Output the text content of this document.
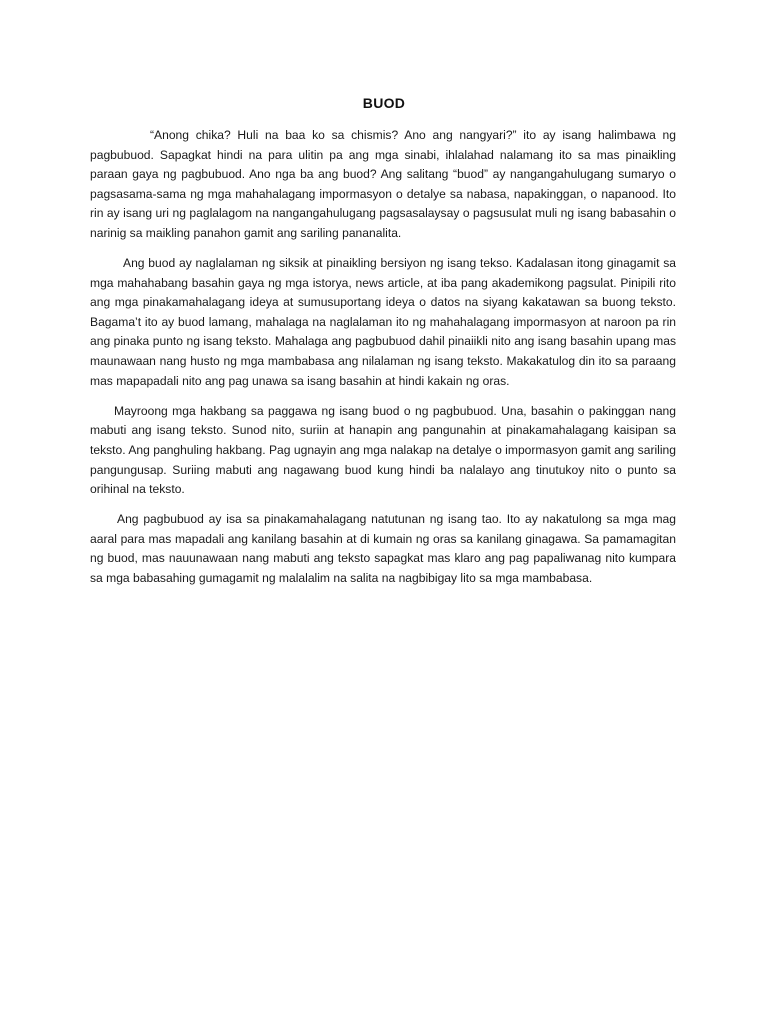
BUOD

“Anong chika? Huli na baa ko sa chismis? Ano ang nangyari?” ito ay isang halimbawa ng pagbubuod. Sapagkat hindi na para ulitin pa ang mga sinabi, ihlalahad nalamang ito sa mas pinaikling paraan gaya ng pagbubuod. Ano nga ba ang buod? Ang salitang “buod” ay nangangahulugang sumaryo o pagsasama-sama ng mga mahahalagang impormasyon o detalye sa nabasa, napakinggan, o napanood. Ito rin ay isang uri ng paglalagom na nangangahulugang pagsasalaysay o pagsusulat muli ng isang babasahin o narinig sa maikling panahon gamit ang sariling pananalita.

Ang buod ay naglalaman ng siksik at pinaikling bersiyon ng isang tekso. Kadalasan itong ginagamit sa mga mahahabang basahin gaya ng mga istorya, news article, at iba pang akademikong pagsulat. Pinipili rito ang mga pinakamahalagang ideya at sumusuportang ideya o datos na siyang kakatawan sa buong teksto. Bagama’t ito ay buod lamang, mahalaga na naglalaman ito ng mahahalagang impormasyon at naroon pa rin ang pinaka punto ng isang teksto. Mahalaga ang pagbubuod dahil pinaiikli nito ang isang basahin upang mas maunawaan nang husto ng mga mambabasa ang nilalaman ng isang teksto. Makakatulog din ito sa paraang mas mapapadali nito ang pag unawa sa isang basahin at hindi kakain ng oras.

Mayroong mga hakbang sa paggawa ng isang buod o ng pagbubuod. Una, basahin o pakinggan nang mabuti ang isang teksto. Sunod nito, suriin at hanapin ang pangunahin at pinakamahalagang kaisipan sa teksto. Ang panghuling hakbang. Pag ugnayin ang mga nalakap na detalye o impormasyon gamit ang sariling pangungusap. Suriing mabuti ang nagawang buod kung hindi ba nalalayo ang tinutukoy nito o punto sa orihinal na teksto.

Ang pagbubuod ay isa sa pinakamahalagang natutunan ng isang tao. Ito ay nakatulong sa mga mag aaral para mas mapadali ang kanilang basahin at di kumain ng oras sa kanilang ginagawa. Sa pamamagitan ng buod, mas nauunawaan nang mabuti ang teksto sapagkat mas klaro ang pag papaliwanag nito kumpara sa mga babasahing gumagamit ng malalalim na salita na nagbibigay lito sa mga mambabasa.
